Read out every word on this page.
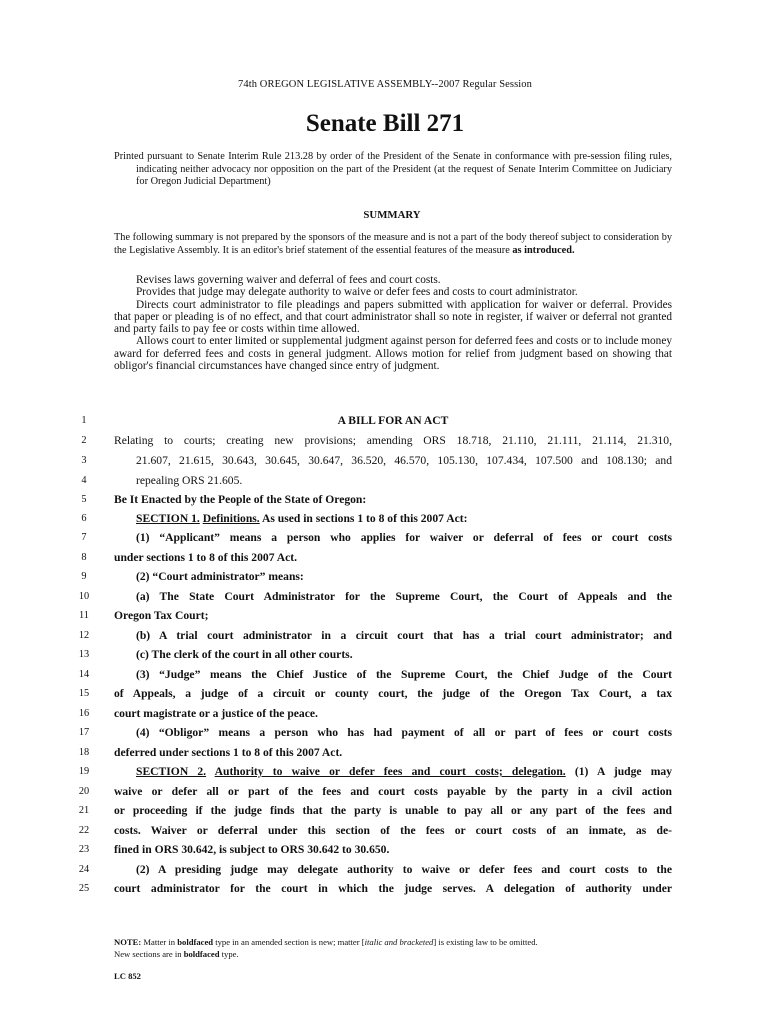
74th OREGON LEGISLATIVE ASSEMBLY--2007 Regular Session
Senate Bill 271
Printed pursuant to Senate Interim Rule 213.28 by order of the President of the Senate in conformance with pre-session filing rules, indicating neither advocacy nor opposition on the part of the President (at the request of Senate Interim Committee on Judiciary for Oregon Judicial Department)
SUMMARY
The following summary is not prepared by the sponsors of the measure and is not a part of the body thereof subject to consideration by the Legislative Assembly. It is an editor's brief statement of the essential features of the measure as introduced.

Revises laws governing waiver and deferral of fees and court costs.

Provides that judge may delegate authority to waive or defer fees and costs to court administrator.

Directs court administrator to file pleadings and papers submitted with application for waiver or deferral. Provides that paper or pleading is of no effect, and that court administrator shall so note in register, if waiver or deferral not granted and party fails to pay fee or costs within time allowed.

Allows court to enter limited or supplemental judgment against person for deferred fees and costs or to include money award for deferred fees and costs in general judgment. Allows motion for relief from judgment based on showing that obligor's financial circumstances have changed since entry of judgment.

1	A BILL FOR AN ACT
2	Relating to courts; creating new provisions; amending ORS 18.718, 21.110, 21.111, 21.114, 21.310,
3	21.607, 21.615, 30.643, 30.645, 30.647, 36.520, 46.570, 105.130, 107.434, 107.500 and 108.130; and
4	repealing ORS 21.605.
5	Be It Enacted by the People of the State of Oregon:
6	SECTION 1. Definitions. As used in sections 1 to 8 of this 2007 Act:
7	(1) “Applicant” means a person who applies for waiver or deferral of fees or court costs
8	under sections 1 to 8 of this 2007 Act.
9	(2) “Court administrator” means:
10	(a) The State Court Administrator for the Supreme Court, the Court of Appeals and the
11	Oregon Tax Court;
12	(b) A trial court administrator in a circuit court that has a trial court administrator; and
13	(c) The clerk of the court in all other courts.
14	(3) “Judge” means the Chief Justice of the Supreme Court, the Chief Judge of the Court
15	of Appeals, a judge of a circuit or county court, the judge of the Oregon Tax Court, a tax
16	court magistrate or a justice of the peace.
17	(4) “Obligor” means a person who has had payment of all or part of fees or court costs
18	deferred under sections 1 to 8 of this 2007 Act.
19	SECTION 2. Authority to waive or defer fees and court costs; delegation. (1) A judge may
20	waive or defer all or part of the fees and court costs payable by the party in a civil action
21	or proceeding if the judge finds that the party is unable to pay all or any part of the fees and
22	costs. Waiver or deferral under this section of the fees or court costs of an inmate, as de-
23	fined in ORS 30.642, is subject to ORS 30.642 to 30.650.
24	(2) A presiding judge may delegate authority to waive or defer fees and court costs to the
25	court administrator for the court in which the judge serves. A delegation of authority under
NOTE: Matter in boldfaced type in an amended section is new; matter [italic and bracketed] is existing law to be omitted.
New sections are in boldfaced type.
LC 852
